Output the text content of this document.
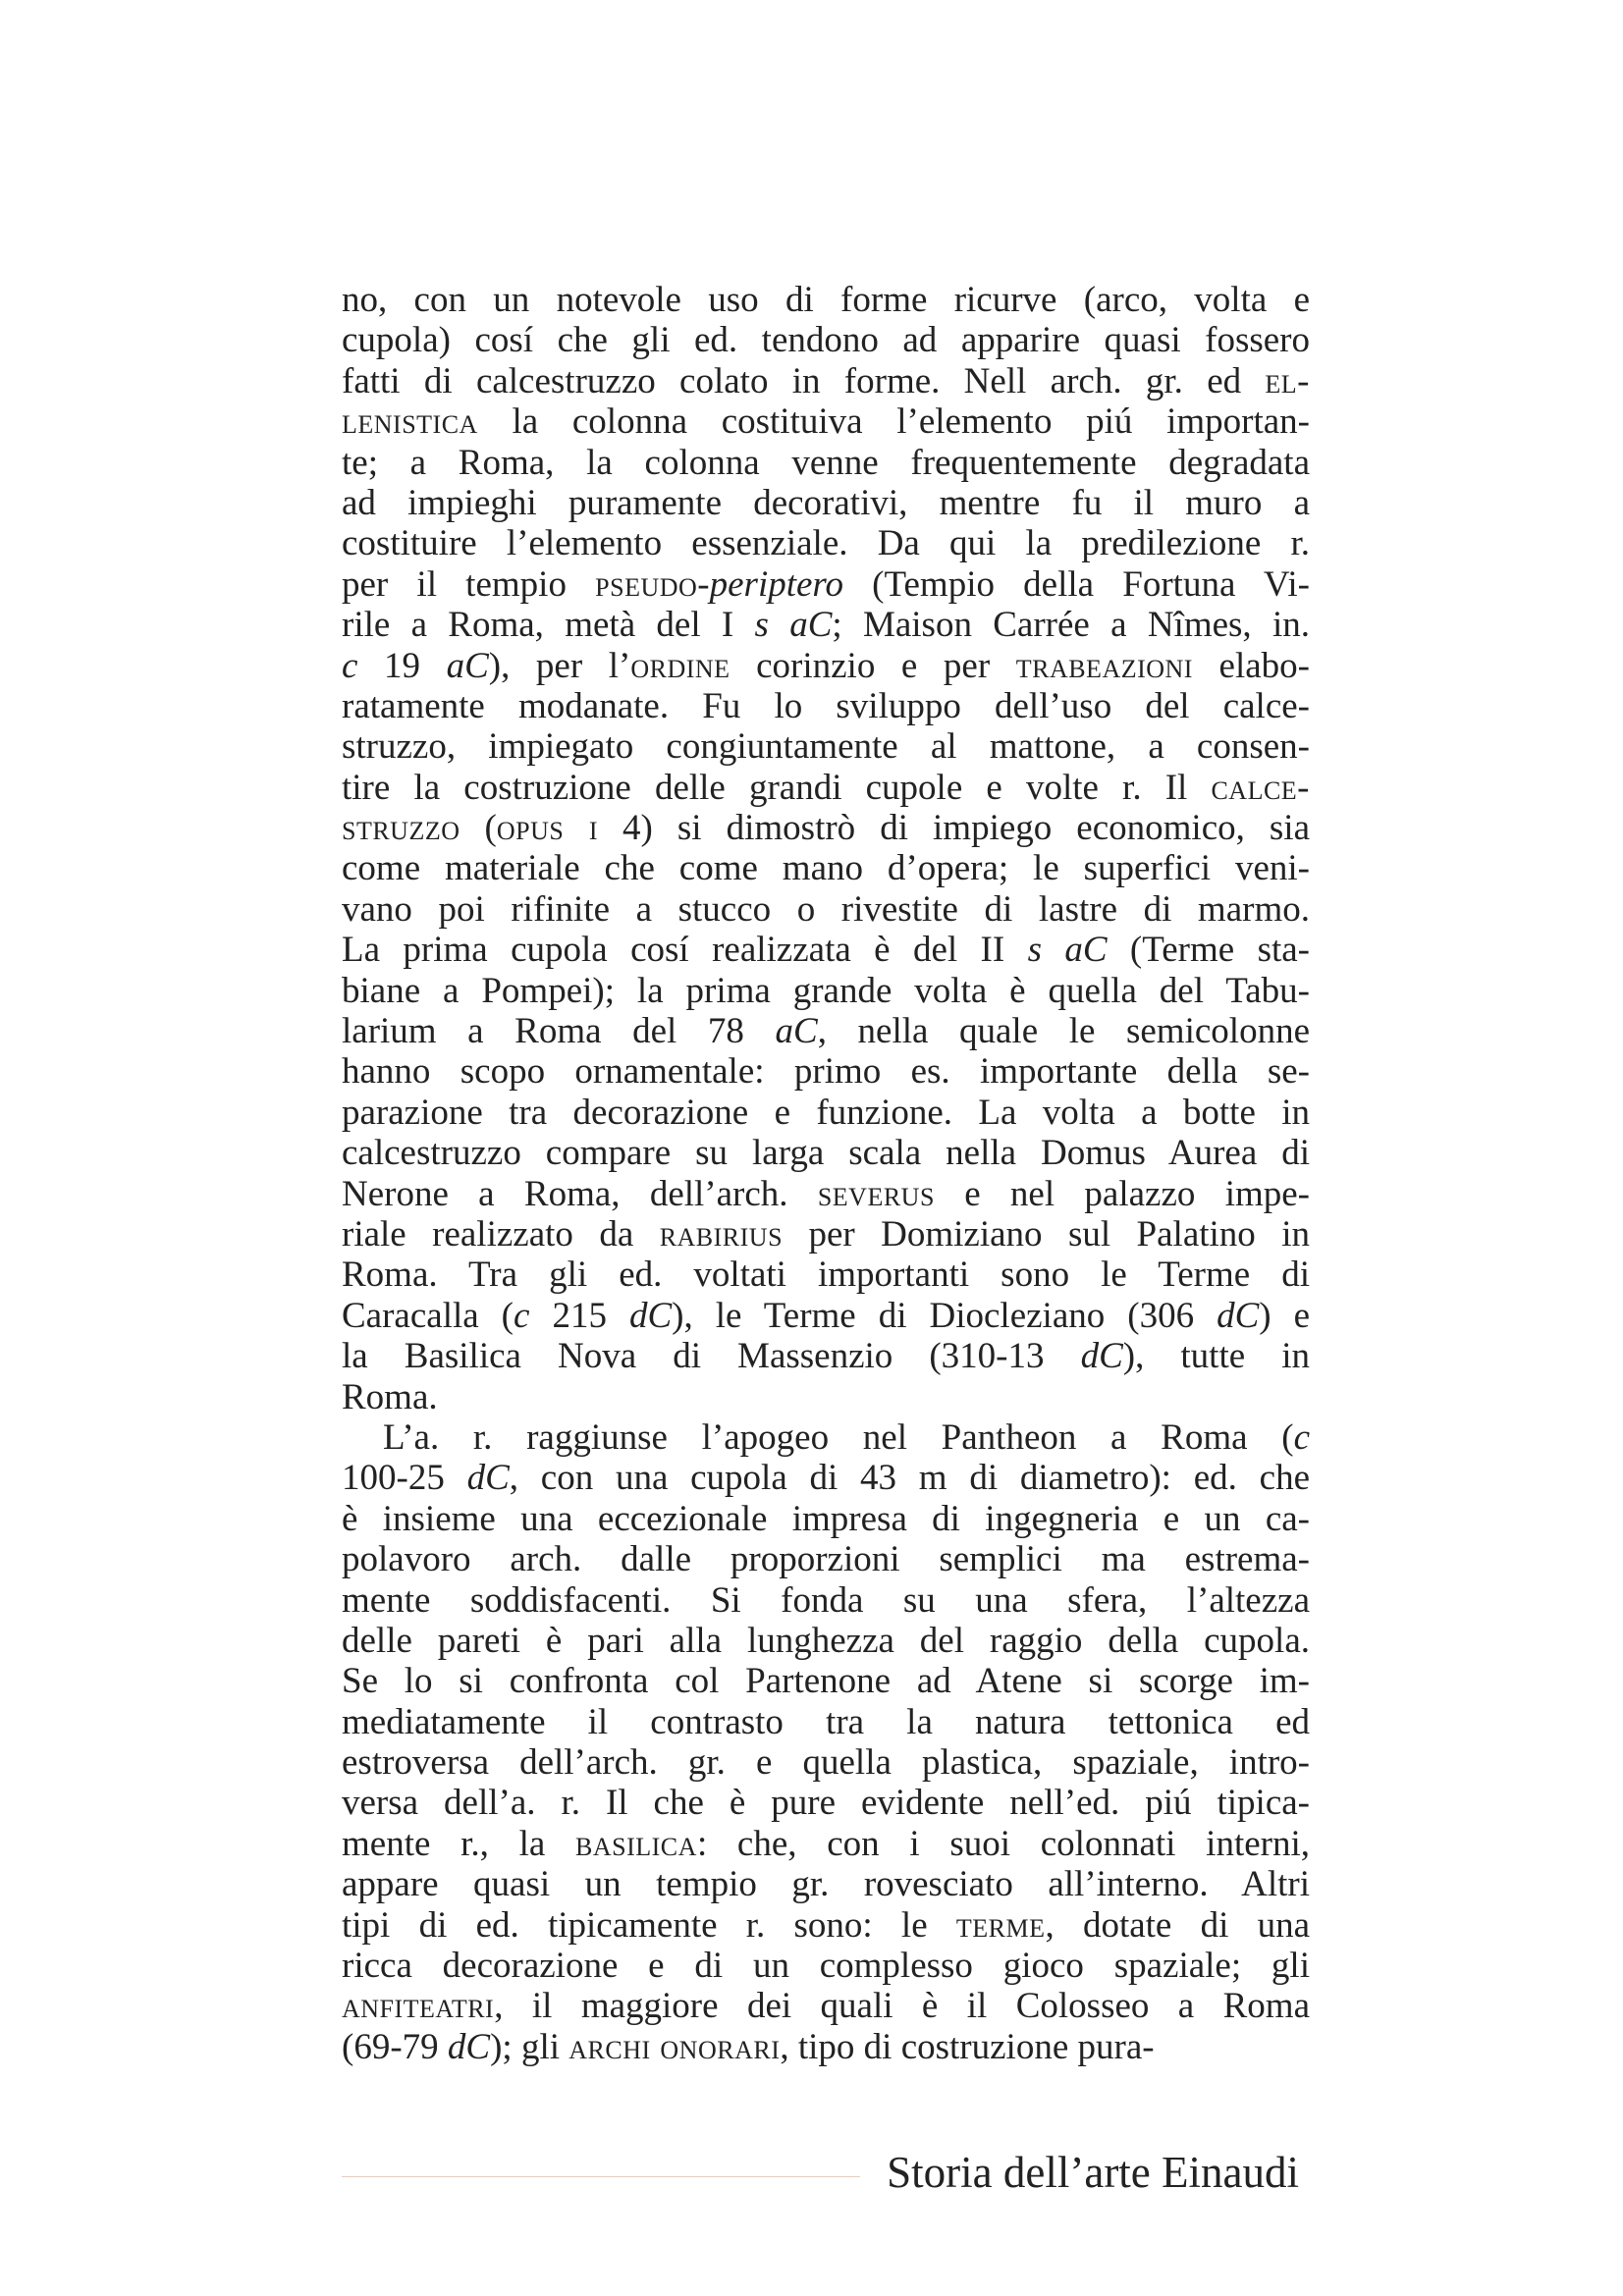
no, con un notevole uso di forme ricurve (arco, volta e
cupola) cosí che gli ed. tendono ad apparire quasi fossero
fatti di calcestruzzo colato in forme. Nell arch. gr. ed el-
lenistica la colonna costituiva l’elemento piú importan-
te; a Roma, la colonna venne frequentemente degradata
ad impieghi puramente decorativi, mentre fu il muro a
costituire l’elemento essenziale. Da qui la predilezione r.
per il tempio pseudo-periptero (Tempio della Fortuna Vi-
rile a Roma, metà del I s aC; Maison Carrée a Nîmes, in.
c 19 aC), per l’ordine corinzio e per trabeazioni elabo-
ratamente modanate. Fu lo sviluppo dell’uso del calce-
struzzo, impiegato congiuntamente al mattone, a consen-
tire la costruzione delle grandi cupole e volte r. Il calce-
struzzo (opus i 4) si dimostrò di impiego economico, sia
come materiale che come mano d’opera; le superfici veni-
vano poi rifinite a stucco o rivestite di lastre di marmo.
La prima cupola cosí realizzata è del II s aC (Terme sta-
biane a Pompei); la prima grande volta è quella del Tabu-
larium a Roma del 78 aC, nella quale le semicolonne
hanno scopo ornamentale: primo es. importante della se-
parazione tra decorazione e funzione. La volta a botte in
calcestruzzo compare su larga scala nella Domus Aurea di
Nerone a Roma, dell’arch. severus e nel palazzo impe-
riale realizzato da rabirius per Domiziano sul Palatino in
Roma. Tra gli ed. voltati importanti sono le Terme di
Caracalla (c 215 dC), le Terme di Diocleziano (306 dC) e
la Basilica Nova di Massenzio (310-13 dC), tutte in
Roma.
L’a. r. raggiunse l’apogeo nel Pantheon a Roma (c
100-25 dC, con una cupola di 43 m di diametro): ed. che
è insieme una eccezionale impresa di ingegneria e un ca-
polavoro arch. dalle proporzioni semplici ma estrema-
mente soddisfacenti. Si fonda su una sfera, l’altezza
delle pareti è pari alla lunghezza del raggio della cupola.
Se lo si confronta col Partenone ad Atene si scorge im-
mediatamente il contrasto tra la natura tettonica ed
estroversa dell’arch. gr. e quella plastica, spaziale, intro-
versa dell’a. r. Il che è pure evidente nell’ed. piú tipica-
mente r., la basilica: che, con i suoi colonnati interni,
appare quasi un tempio gr. rovesciato all’interno. Altri
tipi di ed. tipicamente r. sono: le terme, dotate di una
ricca decorazione e di un complesso gioco spaziale; gli
anfiteatri, il maggiore dei quali è il Colosseo a Roma
(69-79 dC); gli archi onorari, tipo di costruzione pura-
Storia dell’arte Einaudi
